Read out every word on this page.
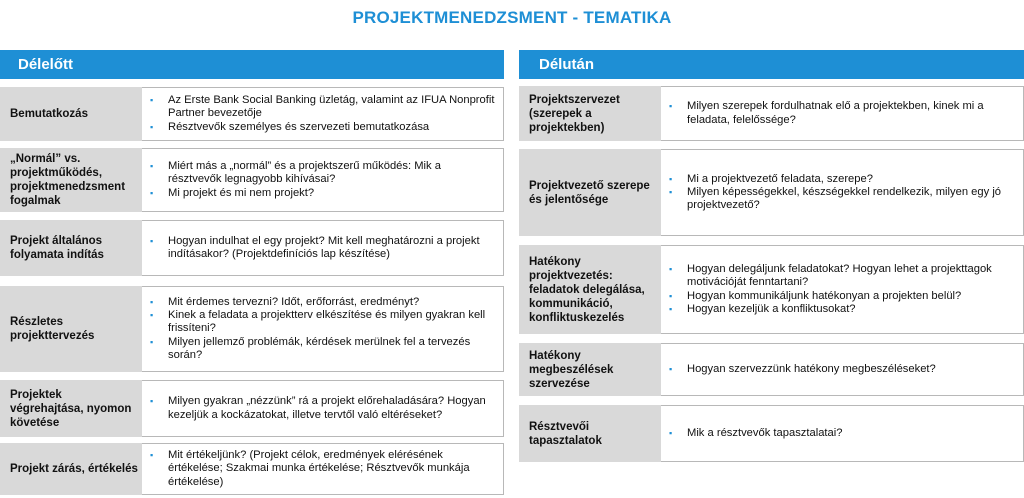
PROJEKTMENEDZSMENT - TEMATIKA
Délelőtt	Délután
Bemutatkozás
▪ Az Erste Bank Social Banking üzletág, valamint az IFUA Nonprofit Partner bevezetője
▪ Résztvevők személyes és szervezeti bemutatkozása
„Normál” vs. projektműködés, projektmenedzsment fogalmak
▪ Miért más a „normál” és a projektszerű működés: Mik a résztvevők legnagyobb kihívásai?
▪ Mi projekt és mi nem projekt?
Projekt általános folyamata indítás
▪ Hogyan indulhat el egy projekt? Mit kell meghatározni a projekt indításakor? (Projektdefiníciós lap készítése)
Részletes projekttervezés
▪ Mit érdemes tervezni? Időt, erőforrást, eredményt?
▪ Kinek a feladata a projektterv elkészítése és milyen gyakran kell frissíteni?
▪ Milyen jellemző problémák, kérdések merülnek fel a tervezés során?
Projektek végrehajtása, nyomon követése
▪ Milyen gyakran „nézzünk” rá a projekt előrehaladására? Hogyan kezeljük a kockázatokat, illetve tervtől való eltéréseket?
Projekt zárás, értékelés
▪ Mit értékeljünk? (Projekt célok, eredmények elérésének értékelése; Szakmai munka értékelése; Résztvevők munkája értékelése)
Projektszervezet (szerepek a projektekben)
▪ Milyen szerepek fordulhatnak elő a projektekben, kinek mi a feladata, felelőssége?
Projektvezető szerepe és jelentősége
▪ Mi a projektvezető feladata, szerepe?
▪ Milyen képességekkel, készségekkel rendelkezik, milyen egy jó projektvezető?
Hatékony projektvezetés: feladatok delegálása, kommunikáció, konfliktuskezelés
▪ Hogyan delegáljunk feladatokat? Hogyan lehet a projekttagok motivációját fenntartani?
▪ Hogyan kommunikáljunk hatékonyan a projekten belül?
▪ Hogyan kezeljük a konfliktusokat?
Hatékony megbeszélések szervezése
▪ Hogyan szervezzünk hatékony megbeszéléseket?
Résztvevői tapasztalatok
▪ Mik a résztvevők tapasztalatai?
